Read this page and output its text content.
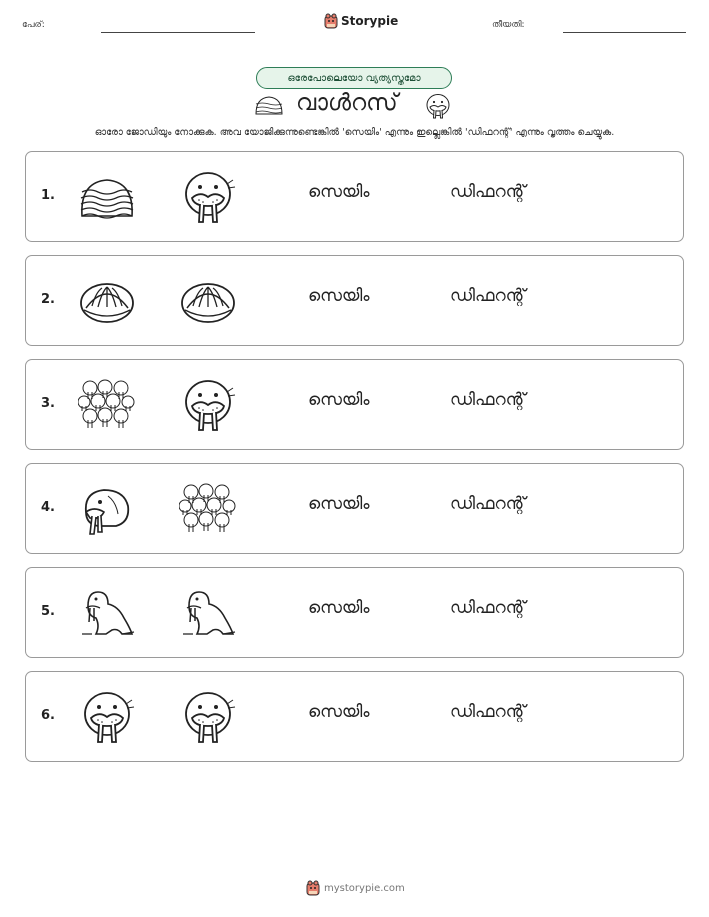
പേര്:	Storypie	തീയതി:
ഒരേപോലെയോ വ്യത്യസ്തമോ
വാൾറസ്
ഓരോ ജോഡിയും നോക്കുക. അവ യോജിക്കുന്നുണ്ടെങ്കിൽ 'സെയിം' എന്നും ഇല്ലെങ്കിൽ 'ഡിഫറന്റ്' എന്നും വൃത്തം ചെയ്യുക.
1.	സെയിം	ഡിഫറന്റ്
2.	സെയിം	ഡിഫറന്റ്
3.	സെയിം	ഡിഫറന്റ്
4.	സെയിം	ഡിഫറന്റ്
5.	സെയിം	ഡിഫറന്റ്
6.	സെയിം	ഡിഫറന്റ്
mystorypie.com
